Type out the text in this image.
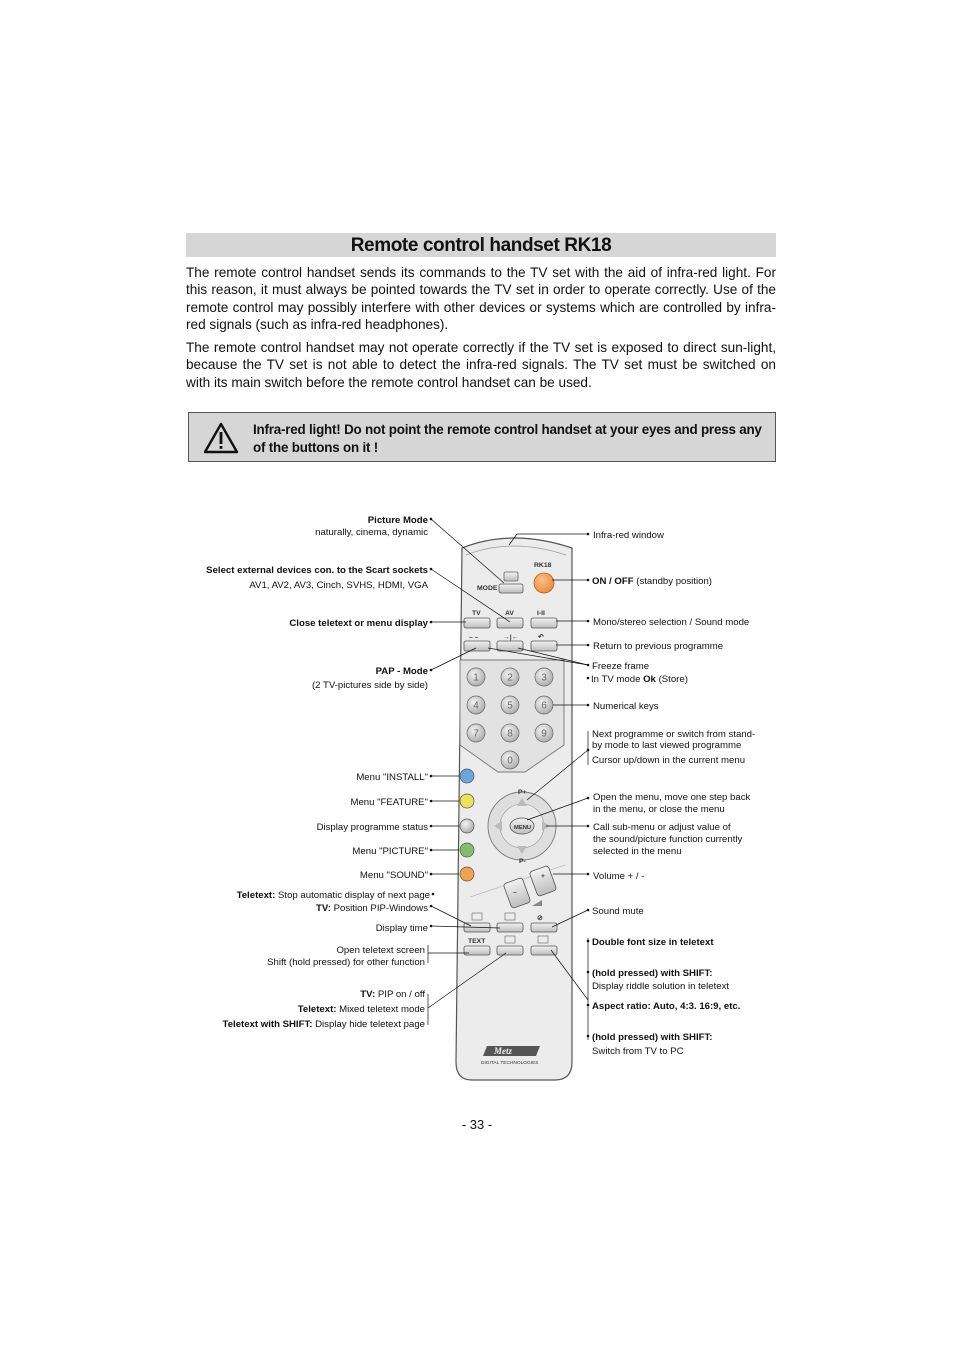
Remote control handset RK18

The remote control handset sends its commands to the TV set with the aid of infra-red light. For this reason, it must always be pointed towards the TV set in order to operate correctly. Use of the remote control may possibly interfere with other devices or systems which are controlled by infra-red signals (such as infra-red headphones).

The remote control handset may not operate correctly if the TV set is exposed to direct sun-light, because the TV set is not able to detect the infra-red signals. The TV set must be switched on with its main switch before the remote control handset can be used.

Infra-red light! Do not point the remote control handset at your eyes and press any of the buttons on it !
RK18
MODE
TV	AV	I-II
– –	→|←	↶
1	2	3
4	5	6
7	8	9
0
P+
P-
MENU
–
+
⊘
TEXT
Metz
DIGITAL TECHNOLOGIES
Picture Mode
naturally, cinema, dynamic
Select external devices con. to the Scart sockets
AV1, AV2, AV3, Cinch, SVHS, HDMI, VGA
Close teletext or menu display
PAP - Mode
(2 TV-pictures side by side)
Menu "INSTALL"
Menu "FEATURE"
Display programme status
Menu "PICTURE"
Menu "SOUND"
Teletext: Stop automatic display of next page
TV: Position PIP-Windows
Display time
Open teletext screen
Shift (hold pressed) for other function
TV: PIP on / off
Teletext: Mixed teletext mode
Teletext with SHIFT: Display hide teletext page
Infra-red window
ON / OFF (standby position)
Mono/stereo selection / Sound mode
Return to previous programme
Freeze frame
In TV mode Ok (Store)
Numerical keys
Next programme or switch from stand-
by mode to last viewed programme
Cursor up/down in the current menu
Open the menu, move one step back
in the menu, or close the menu
Call sub-menu or adjust value of
the sound/picture function currently
selected in the menu
Volume + / -
Sound mute
Double font size in teletext
(hold pressed) with SHIFT:
Display riddle solution in teletext
Aspect ratio: Auto, 4:3. 16:9, etc.
(hold pressed) with SHIFT:
Switch from TV to PC
- 33 -
